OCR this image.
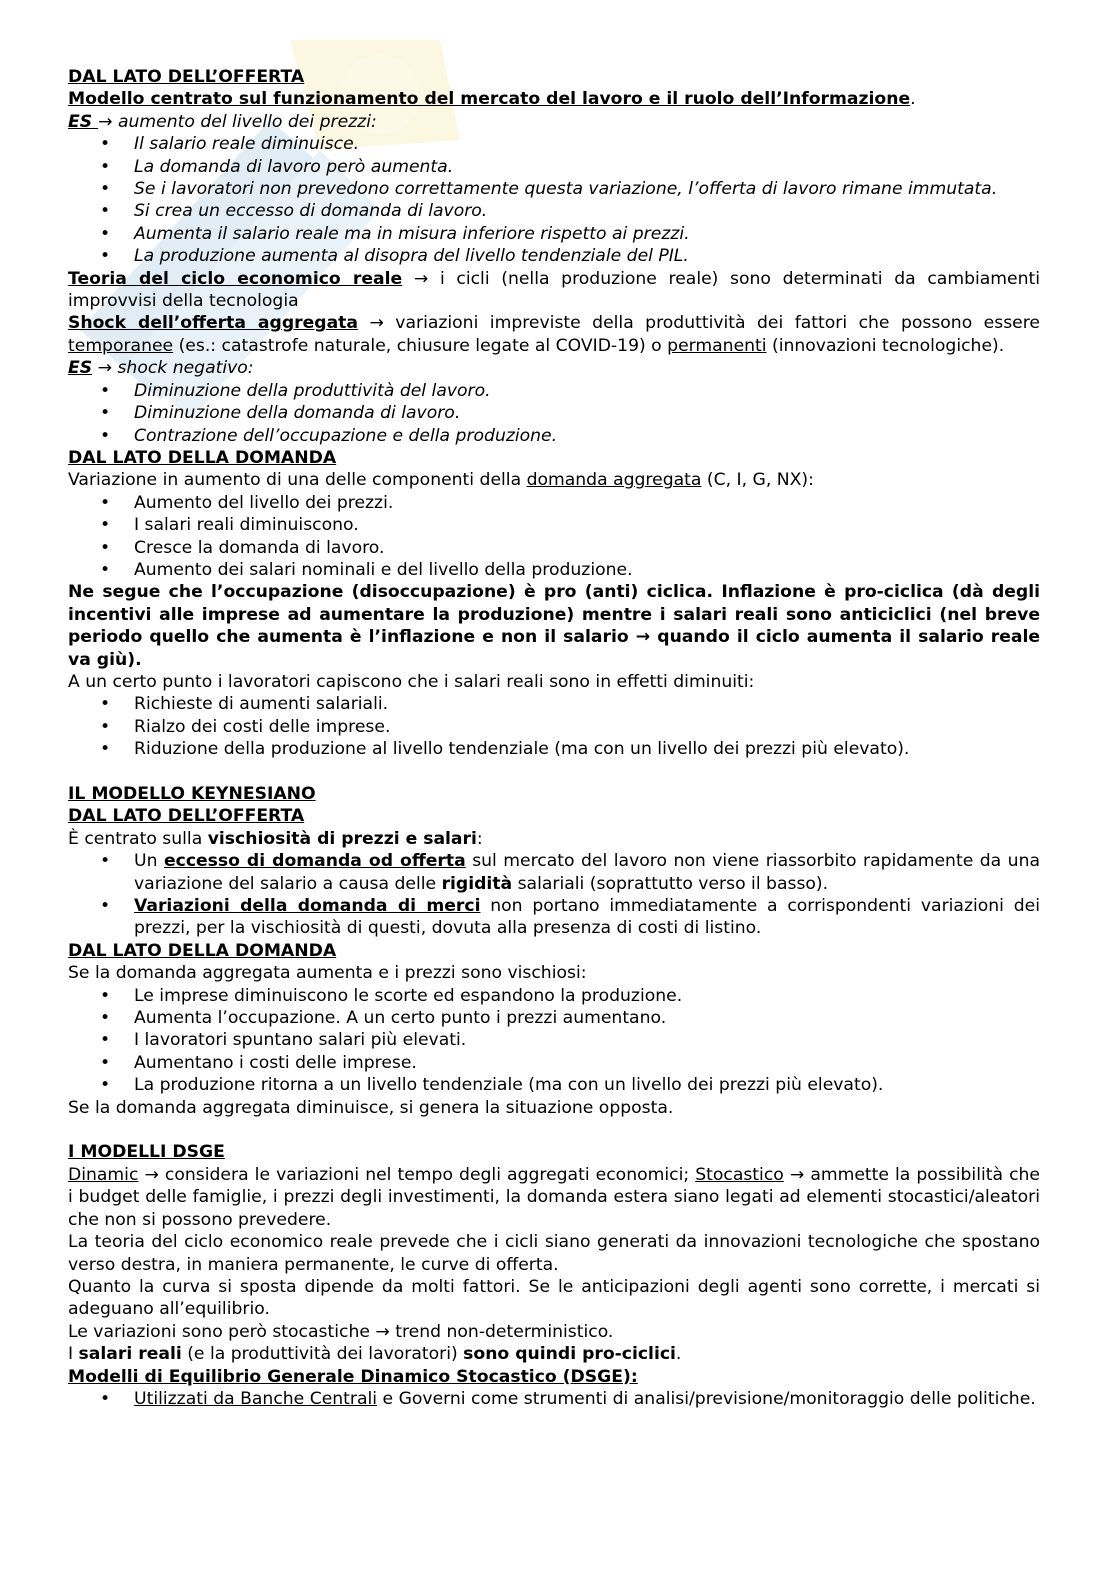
DAL LATO DELL’OFFERTA

Modello centrato sul funzionamento del mercato del lavoro e il ruolo dell’Informazione.

ES → aumento del livello dei prezzi:

• Il salario reale diminuisce.
• La domanda di lavoro però aumenta.
• Se i lavoratori non prevedono correttamente questa variazione, l’offerta di lavoro rimane immutata.
• Si crea un eccesso di domanda di lavoro.
• Aumenta il salario reale ma in misura inferiore rispetto ai prezzi.
• La produzione aumenta al disopra del livello tendenziale del PIL.

Teoria del ciclo economico reale → i cicli (nella produzione reale) sono determinati da cambiamenti improvvisi della tecnologia

Shock dell’offerta aggregata → variazioni impreviste della produttività dei fattori che possono essere temporanee (es.: catastrofe naturale, chiusure legate al COVID-19) o permanenti (innovazioni tecnologiche).

ES → shock negativo:

• Diminuzione della produttività del lavoro.
• Diminuzione della domanda di lavoro.
• Contrazione dell’occupazione e della produzione.

DAL LATO DELLA DOMANDA

Variazione in aumento di una delle componenti della domanda aggregata (C, I, G, NX):

• Aumento del livello dei prezzi.
• I salari reali diminuiscono.
• Cresce la domanda di lavoro.
• Aumento dei salari nominali e del livello della produzione.

Ne segue che l’occupazione (disoccupazione) è pro (anti) ciclica. Inflazione è pro-ciclica (dà degli incentivi alle imprese ad aumentare la produzione) mentre i salari reali sono anticiclici (nel breve periodo quello che aumenta è l’inflazione e non il salario → quando il ciclo aumenta il salario reale va giù).

A un certo punto i lavoratori capiscono che i salari reali sono in effetti diminuiti:

• Richieste di aumenti salariali.
• Rialzo dei costi delle imprese.
• Riduzione della produzione al livello tendenziale (ma con un livello dei prezzi più elevato).

IL MODELLO KEYNESIANO

DAL LATO DELL’OFFERTA

È centrato sulla vischiosità di prezzi e salari:

• Un eccesso di domanda od offerta sul mercato del lavoro non viene riassorbito rapidamente da una variazione del salario a causa delle rigidità salariali (soprattutto verso il basso).
• Variazioni della domanda di merci non portano immediatamente a corrispondenti variazioni dei prezzi, per la vischiosità di questi, dovuta alla presenza di costi di listino.

DAL LATO DELLA DOMANDA

Se la domanda aggregata aumenta e i prezzi sono vischiosi:

• Le imprese diminuiscono le scorte ed espandono la produzione.
• Aumenta l’occupazione. A un certo punto i prezzi aumentano.
• I lavoratori spuntano salari più elevati.
• Aumentano i costi delle imprese.
• La produzione ritorna a un livello tendenziale (ma con un livello dei prezzi più elevato).

Se la domanda aggregata diminuisce, si genera la situazione opposta.

I MODELLI DSGE

Dinamic → considera le variazioni nel tempo degli aggregati economici; Stocastico → ammette la possibilità che i budget delle famiglie, i prezzi degli investimenti, la domanda estera siano legati ad elementi stocastici/aleatori che non si possono prevedere.

La teoria del ciclo economico reale prevede che i cicli siano generati da innovazioni tecnologiche che spostano verso destra, in maniera permanente, le curve di offerta.

Quanto la curva si sposta dipende da molti fattori. Se le anticipazioni degli agenti sono corrette, i mercati si adeguano all’equilibrio.

Le variazioni sono però stocastiche → trend non-deterministico.

I salari reali (e la produttività dei lavoratori) sono quindi pro-ciclici.

Modelli di Equilibrio Generale Dinamico Stocastico (DSGE):

• Utilizzati da Banche Centrali e Governi come strumenti di analisi/previsione/monitoraggio delle politiche.
